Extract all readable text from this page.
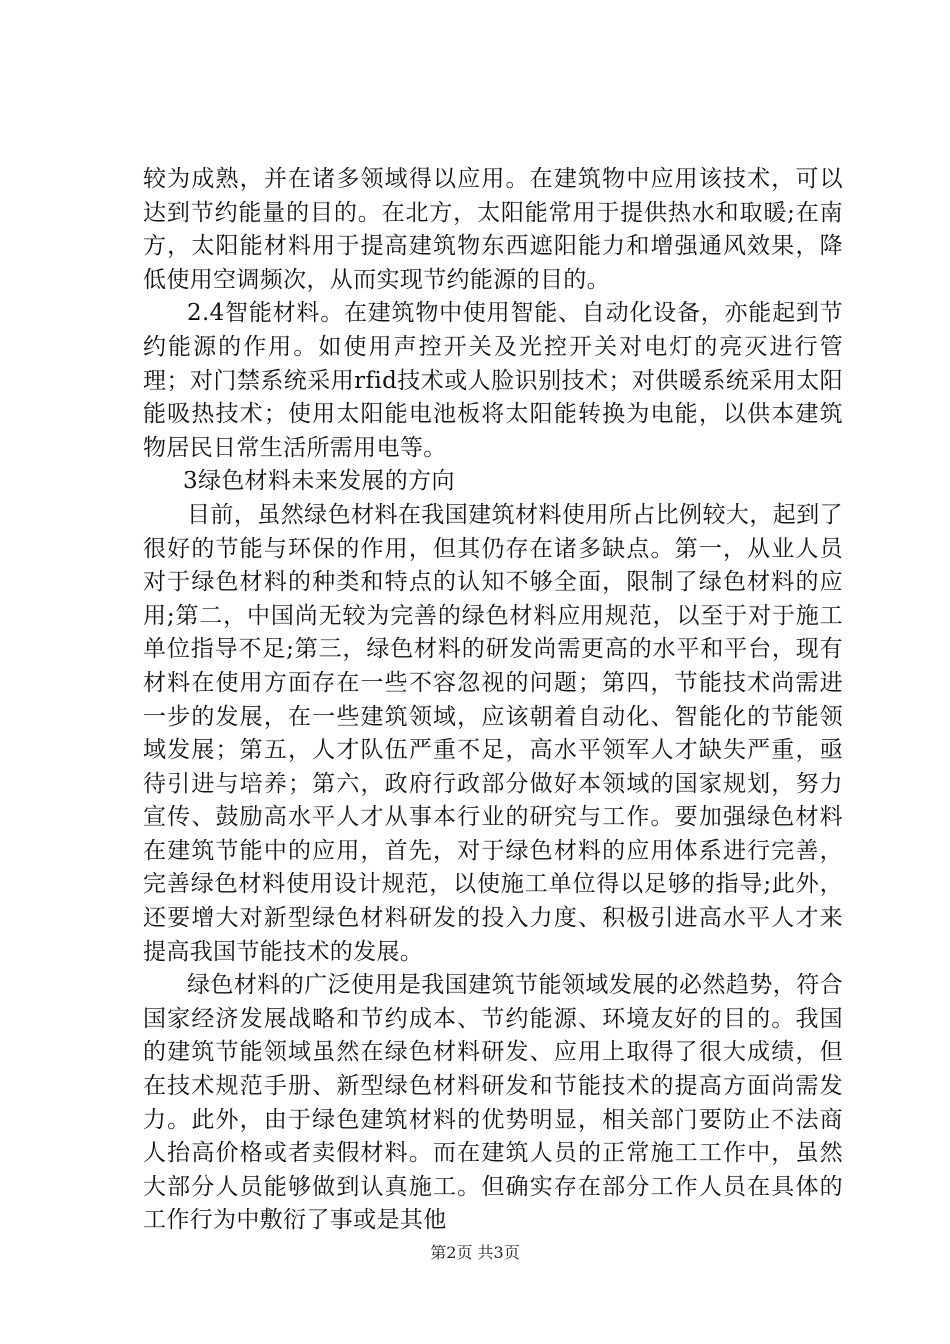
较为成熟，并在诸多领域得以应用。在建筑物中应用该技术，可以达到节约能量的目的。在北方，太阳能常用于提供热水和取暖;在南方，太阳能材料用于提高建筑物东西遮阳能力和增强通风效果，降低使用空调频次，从而实现节约能源的目的。

2.4智能材料。在建筑物中使用智能、自动化设备，亦能起到节约能源的作用。如使用声控开关及光控开关对电灯的亮灭进行管理；对门禁系统采用rfid技术或人脸识别技术；对供暖系统采用太阳能吸热技术；使用太阳能电池板将太阳能转换为电能，以供本建筑物居民日常生活所需用电等。

3绿色材料未来发展的方向

目前，虽然绿色材料在我国建筑材料使用所占比例较大，起到了很好的节能与环保的作用，但其仍存在诸多缺点。第一，从业人员对于绿色材料的种类和特点的认知不够全面，限制了绿色材料的应用;第二，中国尚无较为完善的绿色材料应用规范，以至于对于施工单位指导不足;第三，绿色材料的研发尚需更高的水平和平台，现有材料在使用方面存在一些不容忽视的问题；第四，节能技术尚需进一步的发展，在一些建筑领域，应该朝着自动化、智能化的节能领域发展；第五，人才队伍严重不足，高水平领军人才缺失严重，亟待引进与培养；第六，政府行政部分做好本领域的国家规划，努力宣传、鼓励高水平人才从事本行业的研究与工作。要加强绿色材料在建筑节能中的应用，首先，对于绿色材料的应用体系进行完善，完善绿色材料使用设计规范，以使施工单位得以足够的指导;此外，还要增大对新型绿色材料研发的投入力度、积极引进高水平人才来提高我国节能技术的发展。

绿色材料的广泛使用是我国建筑节能领域发展的必然趋势，符合国家经济发展战略和节约成本、节约能源、环境友好的目的。我国的建筑节能领域虽然在绿色材料研发、应用上取得了很大成绩，但在技术规范手册、新型绿色材料研发和节能技术的提高方面尚需发力。此外，由于绿色建筑材料的优势明显，相关部门要防止不法商人抬高价格或者卖假材料。而在建筑人员的正常施工工作中，虽然大部分人员能够做到认真施工。但确实存在部分工作人员在具体的工作行为中敷衍了事或是其他

第2页 共3页
